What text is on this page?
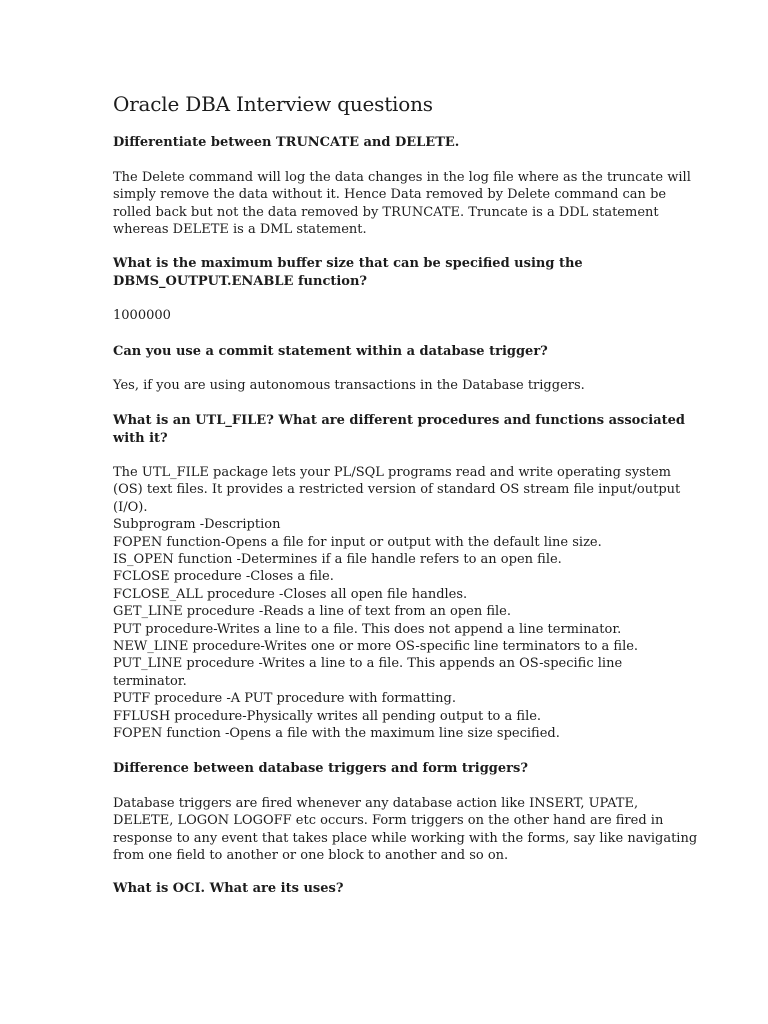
Oracle DBA Interview questions

Differentiate between TRUNCATE and DELETE.

The Delete command will log the data changes in the log file where as the truncate will
simply remove the data without it. Hence Data removed by Delete command can be
rolled back but not the data removed by TRUNCATE. Truncate is a DDL statement
whereas DELETE is a DML statement.

What is the maximum buffer size that can be specified using the
DBMS_OUTPUT.ENABLE function?

1000000

Can you use a commit statement within a database trigger?

Yes, if you are using autonomous transactions in the Database triggers.

What is an UTL_FILE? What are different procedures and functions associated
with it?

The UTL_FILE package lets your PL/SQL programs read and write operating system
(OS) text files. It provides a restricted version of standard OS stream file input/output
(I/O).
Subprogram -Description
FOPEN function-Opens a file for input or output with the default line size.
IS_OPEN function -Determines if a file handle refers to an open file.
FCLOSE procedure -Closes a file.
FCLOSE_ALL procedure -Closes all open file handles.
GET_LINE procedure -Reads a line of text from an open file.
PUT procedure-Writes a line to a file. This does not append a line terminator.
NEW_LINE procedure-Writes one or more OS-specific line terminators to a file.
PUT_LINE procedure -Writes a line to a file. This appends an OS-specific line
terminator.
PUTF procedure -A PUT procedure with formatting.
FFLUSH procedure-Physically writes all pending output to a file.
FOPEN function -Opens a file with the maximum line size specified.

Difference between database triggers and form triggers?

Database triggers are fired whenever any database action like INSERT, UPATE,
DELETE, LOGON LOGOFF etc occurs. Form triggers on the other hand are fired in
response to any event that takes place while working with the forms, say like navigating
from one field to another or one block to another and so on.

What is OCI. What are its uses?
